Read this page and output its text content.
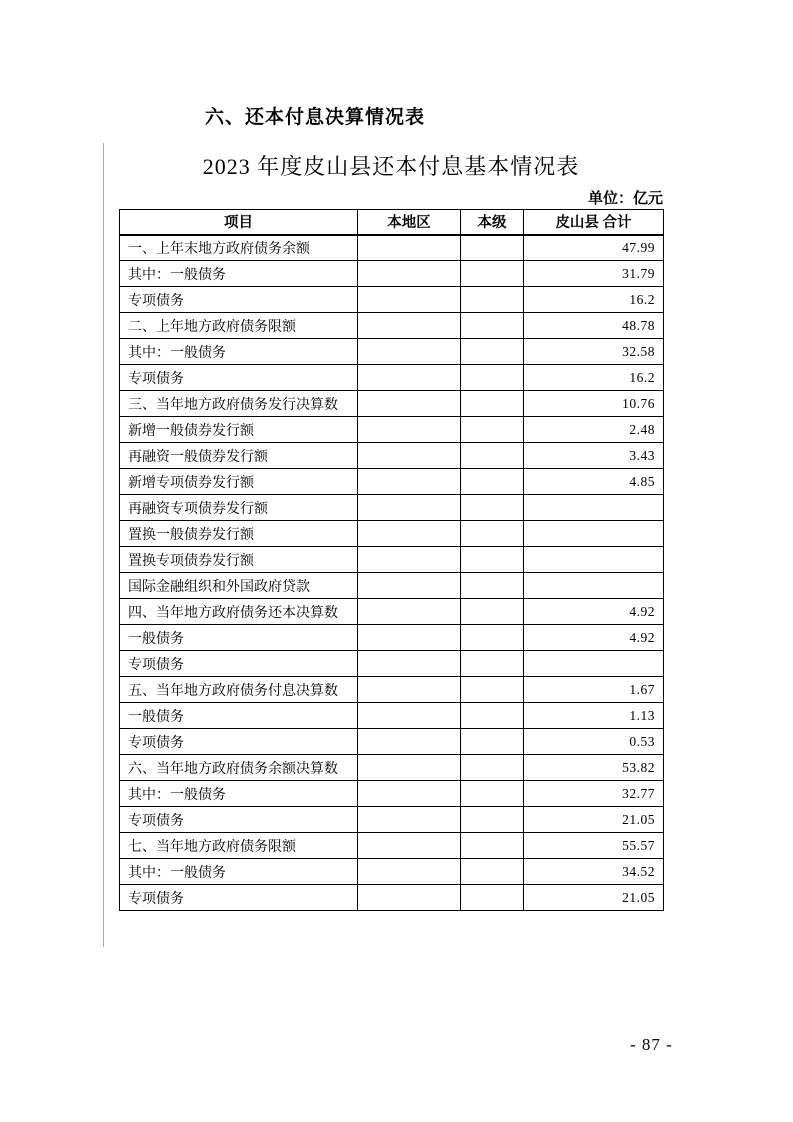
六、还本付息决算情况表
2023 年度皮山县还本付息基本情况表
单位：亿元
项目	本地区	本级	皮山县 合计
一、上年末地方政府债务余额			47.99
其中：一般债务			31.79
专项债务			16.2
二、上年地方政府债务限额			48.78
其中：一般债务			32.58
专项债务			16.2
三、当年地方政府债务发行决算数			10.76
新增一般债券发行额			2.48
再融资一般债券发行额			3.43
新增专项债券发行额			4.85
再融资专项债券发行额			
置换一般债券发行额			
置换专项债券发行额			
国际金融组织和外国政府贷款			
四、当年地方政府债务还本决算数			4.92
一般债务			4.92
专项债务			
五、当年地方政府债务付息决算数			1.67
一般债务			1.13
专项债务			0.53
六、当年地方政府债务余额决算数			53.82
其中：一般债务			32.77
专项债务			21.05
七、当年地方政府债务限额			55.57
其中：一般债务			34.52
专项债务			21.05
- 87 -
